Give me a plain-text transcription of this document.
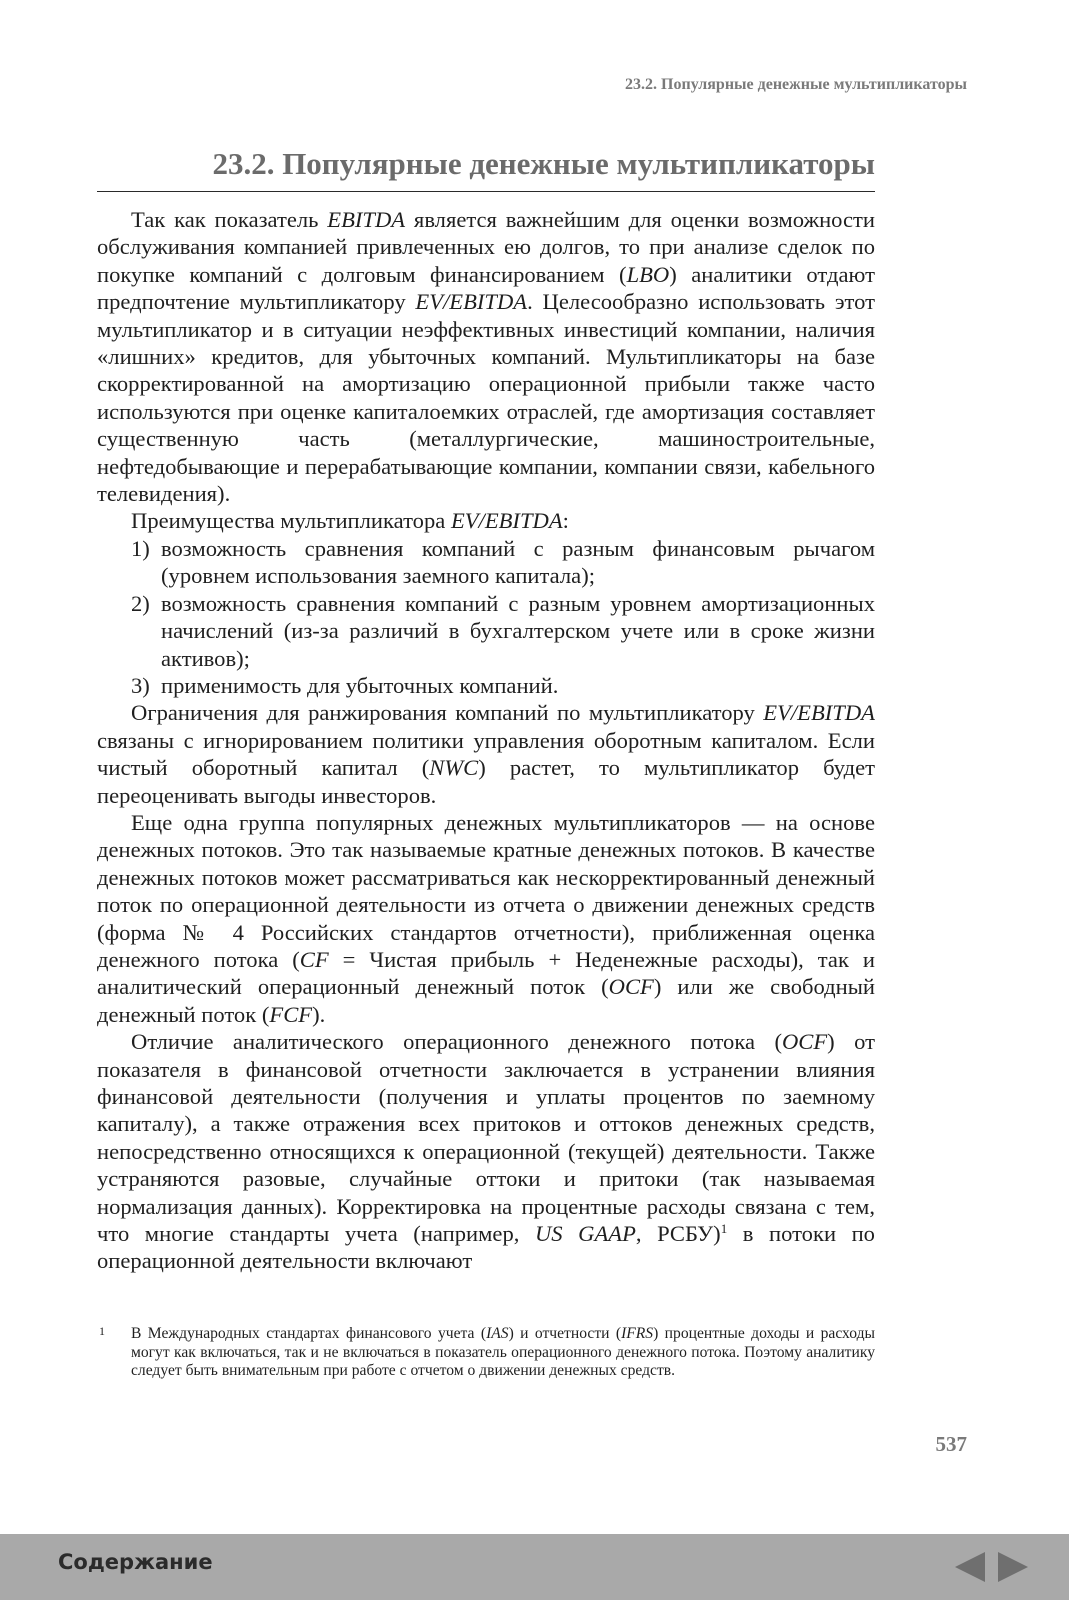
23.2. Популярные денежные мультипликаторы
23.2. Популярные денежные мультипликаторы

Так как показатель EBITDA является важнейшим для оценки возможности обслуживания компанией привлеченных ею долгов, то при анализе сделок по покупке компаний с долговым финансированием (LBO) аналитики отдают предпочтение мультипликатору EV/EBITDA. Целесообразно использовать этот мультипликатор и в ситуации неэффективных инвестиций компании, наличия «лишних» кредитов, для убыточных компаний. Мультипликаторы на базе скорректированной на амортизацию операционной прибыли также часто используются при оценке капиталоемких отраслей, где амортизация составляет существенную часть (металлургические, машиностроительные, нефтедобывающие и перерабатывающие компании, компании связи, кабельного телевидения).

Преимущества мультипликатора EV/EBITDA:

1) возможность сравнения компаний с разным финансовым рычагом (уровнем использования заемного капитала);
2) возможность сравнения компаний с разным уровнем амортизационных начислений (из-за различий в бухгалтерском учете или в сроке жизни активов);
3) применимость для убыточных компаний.

Ограничения для ранжирования компаний по мультипликатору EV/EBITDA связаны с игнорированием политики управления оборотным капиталом. Если чистый оборотный капитал (NWC) растет, то мультипликатор будет переоценивать выгоды инвесторов.

Еще одна группа популярных денежных мультипликаторов — на основе денежных потоков. Это так называемые кратные денежных потоков. В качестве денежных потоков может рассматриваться как нескорректированный денежный поток по операционной деятельности из отчета о движении денежных средств (форма № 4 Российских стандартов отчетности), приближенная оценка денежного потока (CF = Чистая прибыль + Неденежные расходы), так и аналитический операционный денежный поток (OCF) или же свободный денежный поток (FCF).

Отличие аналитического операционного денежного потока (OCF) от показателя в финансовой отчетности заключается в устранении влияния финансовой деятельности (получения и уплаты процентов по заемному капиталу), а также отражения всех притоков и оттоков денежных средств, непосредственно относящихся к операционной (текущей) деятельности. Также устраняются разовые, случайные оттоки и притоки (так называемая нормализация данных). Корректировка на процентные расходы связана с тем, что многие стандарты учета (например, US GAAP, РСБУ)$^1$ в потоки по операционной деятельности включают

1 В Международных стандартах финансового учета (IAS) и отчетности (IFRS) процентные доходы и расходы могут как включаться, так и не включаться в показатель операционного денежного потока. Поэтому аналитику следует быть внимательным при работе с отчетом о движении денежных средств.
537
Содержание
